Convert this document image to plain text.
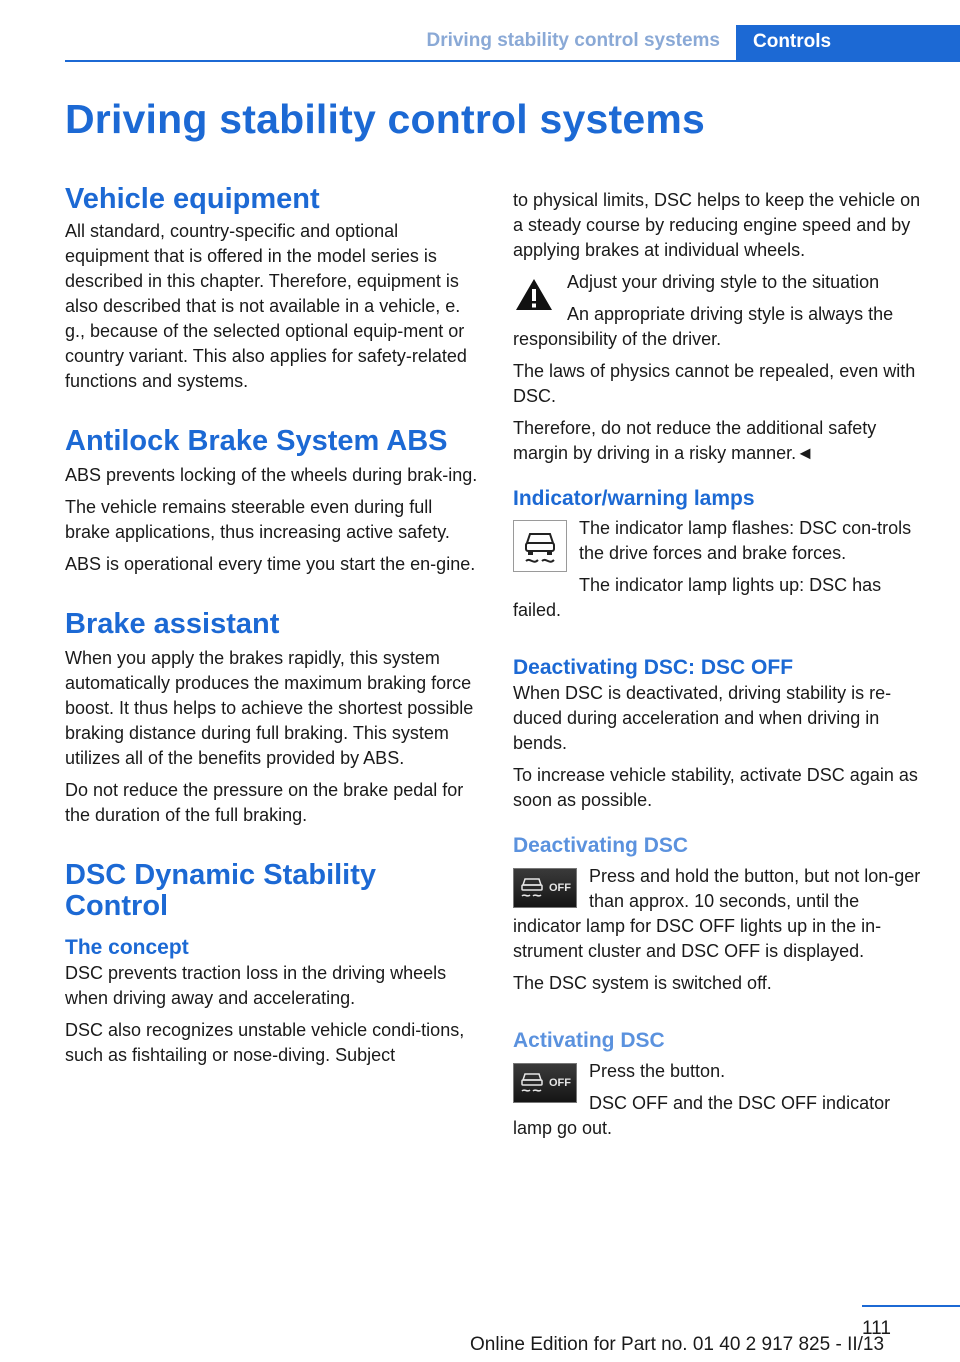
Driving stability control systems	Controls
Driving stability control systems
Vehicle equipment

All standard, country-specific and optional equipment that is offered in the model series is described in this chapter. Therefore, equipment is also described that is not available in a vehicle, e. g., because of the selected optional equip-ment or country variant. This also applies for safety-related functions and systems.

Antilock Brake System ABS

ABS prevents locking of the wheels during brak-ing.

The vehicle remains steerable even during full brake applications, thus increasing active safety.

ABS is operational every time you start the en-gine.

Brake assistant

When you apply the brakes rapidly, this system automatically produces the maximum braking force boost. It thus helps to achieve the shortest possible braking distance during full braking. This system utilizes all of the benefits provided by ABS.

Do not reduce the pressure on the brake pedal for the duration of the full braking.

DSC Dynamic Stability Control
The concept

DSC prevents traction loss in the driving wheels when driving away and accelerating.

DSC also recognizes unstable vehicle condi-tions, such as fishtailing or nose-diving. Subject

to physical limits, DSC helps to keep the vehicle on a steady course by reducing engine speed and by applying brakes at individual wheels.

Adjust your driving style to the situation

An appropriate driving style is always the responsibility of the driver.

The laws of physics cannot be repealed, even with DSC.

Therefore, do not reduce the additional safety margin by driving in a risky manner.◄

Indicator/warning lamps

The indicator lamp flashes: DSC con-trols the drive forces and brake forces.

The indicator lamp lights up: DSC has failed.

Deactivating DSC: DSC OFF

When DSC is deactivated, driving stability is re-duced during acceleration and when driving in bends.

To increase vehicle stability, activate DSC again as soon as possible.

Deactivating DSC
OFF

Press and hold the button, but not lon-ger than approx. 10 seconds, until the indicator lamp for DSC OFF lights up in the in-strument cluster and DSC OFF is displayed.

The DSC system is switched off.

Activating DSC
OFF

Press the button.

DSC OFF and the DSC OFF indicator lamp go out.

111
Online Edition for Part no. 01 40 2 917 825 - II/13
